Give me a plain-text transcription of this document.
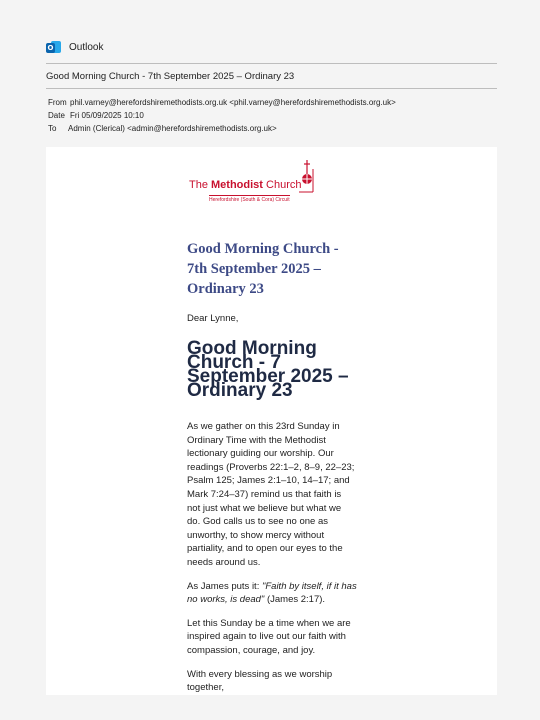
O Outlook
Good Morning Church - 7th September 2025 – Ordinary 23
From phil.varney@herefordshiremethodists.org.uk <phil.varney@herefordshiremethodists.org.uk>
Date Fri 05/09/2025 10:10
To	Admin (Clerical) <admin@herefordshiremethodists.org.uk>
The Methodist Church
Herefordshire (South & Cora) Circuit
Good Morning Church - 7th September 2025 – Ordinary 23

Dear Lynne,

Good Morning Church - 7 September 2025 – Ordinary 23

As we gather on this 23rd Sunday in Ordinary Time with the Methodist lectionary guiding our worship. Our readings (Proverbs 22:1–2, 8–9, 22–23; Psalm 125; James 2:1–10, 14–17; and Mark 7:24–37) remind us that faith is not just what we believe but what we do. God calls us to see no one as unworthy, to show mercy without partiality, and to open our eyes to the needs around us.

As James puts it: "Faith by itself, if it has no works, is dead" (James 2:17).

Let this Sunday be a time when we are inspired again to live out our faith with compassion, courage, and joy.

With every blessing as we worship together,
